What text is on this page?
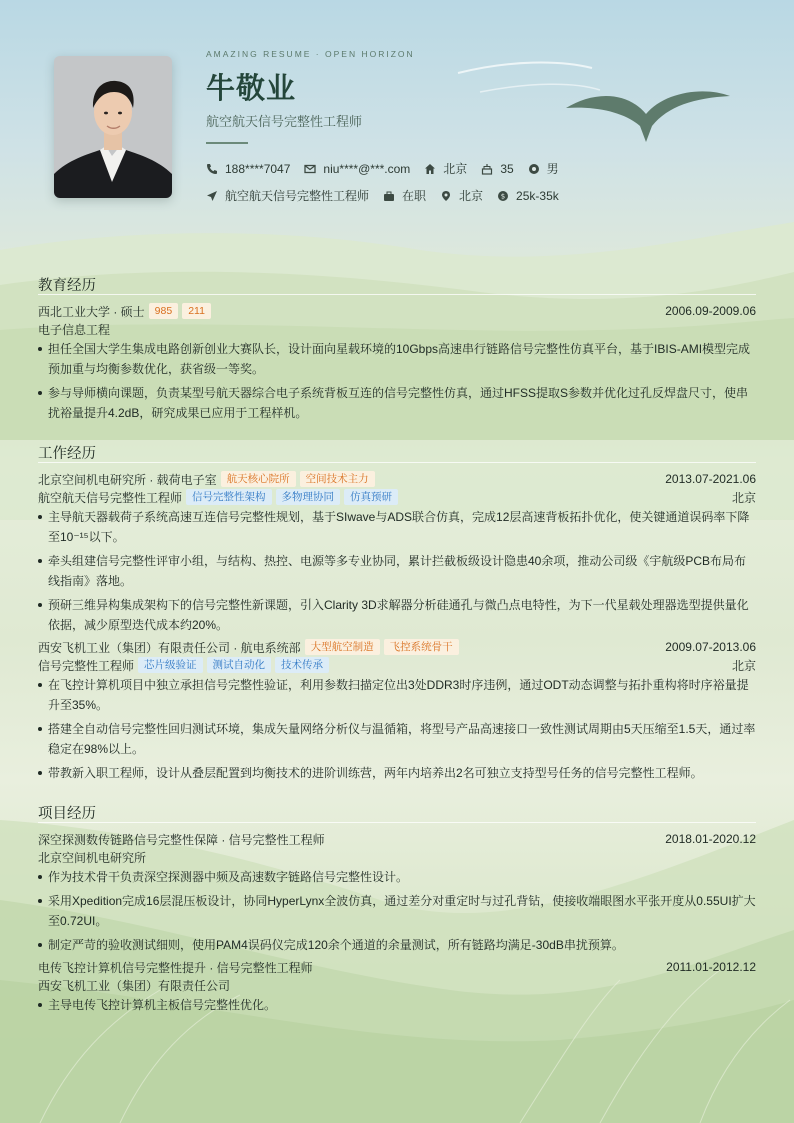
AMAZING RESUME · OPEN HORIZON
牛敬业
航空航天信号完整性工程师
188****7047	niu****@***.com	北京	35	男
航空航天信号完整性工程师	在职	北京	$ 25k-35k
教育经历
西北工业大学 · 硕士 985	211	2006.09-2009.06
电子信息工程
担任全国大学生集成电路创新创业大赛队长，设计面向星载环境的10Gbps高速串行链路信号完整性仿真平台，基于IBIS-AMI模型完成预加重与均衡参数优化，获省级一等奖。
参与导师横向课题，负责某型号航天器综合电子系统背板互连的信号完整性仿真，通过HFSS提取S参数并优化过孔反焊盘尺寸，使串扰裕量提升4.2dB，研究成果已应用于工程样机。
工作经历
北京空间机电研究所 · 载荷电子室 航天核心院所	空间技术主力	2013.07-2021.06
航空航天信号完整性工程师 信号完整性架构	多物理协同	仿真预研	北京
主导航天器载荷子系统高速互连信号完整性规划，基于SIwave与ADS联合仿真，完成12层高速背板拓扑优化，使关键通道误码率下降至10⁻¹⁵以下。
牵头组建信号完整性评审小组，与结构、热控、电源等多专业协同，累计拦截板级设计隐患40余项，推动公司级《宇航级PCB布局布线指南》落地。
预研三维异构集成架构下的信号完整性新课题，引入Clarity 3D求解器分析硅通孔与微凸点电特性，为下一代星载处理器选型提供量化依据，减少原型迭代成本约20%。
西安飞机工业（集团）有限责任公司 · 航电系统部 大型航空制造	飞控系统骨干	2009.07-2013.06
信号完整性工程师 芯片级验证	测试自动化	技术传承	北京
在飞控计算机项目中独立承担信号完整性验证，利用参数扫描定位出3处DDR3时序违例，通过ODT动态调整与拓扑重构将时序裕量提升至35%。
搭建全自动信号完整性回归测试环境，集成矢量网络分析仪与温循箱，将型号产品高速接口一致性测试周期由5天压缩至1.5天，通过率稳定在98%以上。
带教新入职工程师，设计从叠层配置到均衡技术的进阶训练营，两年内培养出2名可独立支持型号任务的信号完整性工程师。
项目经历
深空探测数传链路信号完整性保障 · 信号完整性工程师	2018.01-2020.12
北京空间机电研究所
作为技术骨干负责深空探测器中频及高速数字链路信号完整性设计。
采用Xpedition完成16层混压板设计，协同HyperLynx全波仿真，通过差分对重定时与过孔背钻，使接收端眼图水平张开度从0.55UI扩大至0.72UI。
制定严苛的验收测试细则，使用PAM4误码仪完成120余个通道的余量测试，所有链路均满足-30dB串扰预算。
电传飞控计算机信号完整性提升 · 信号完整性工程师	2011.01-2012.12
西安飞机工业（集团）有限责任公司
主导电传飞控计算机主板信号完整性优化。
